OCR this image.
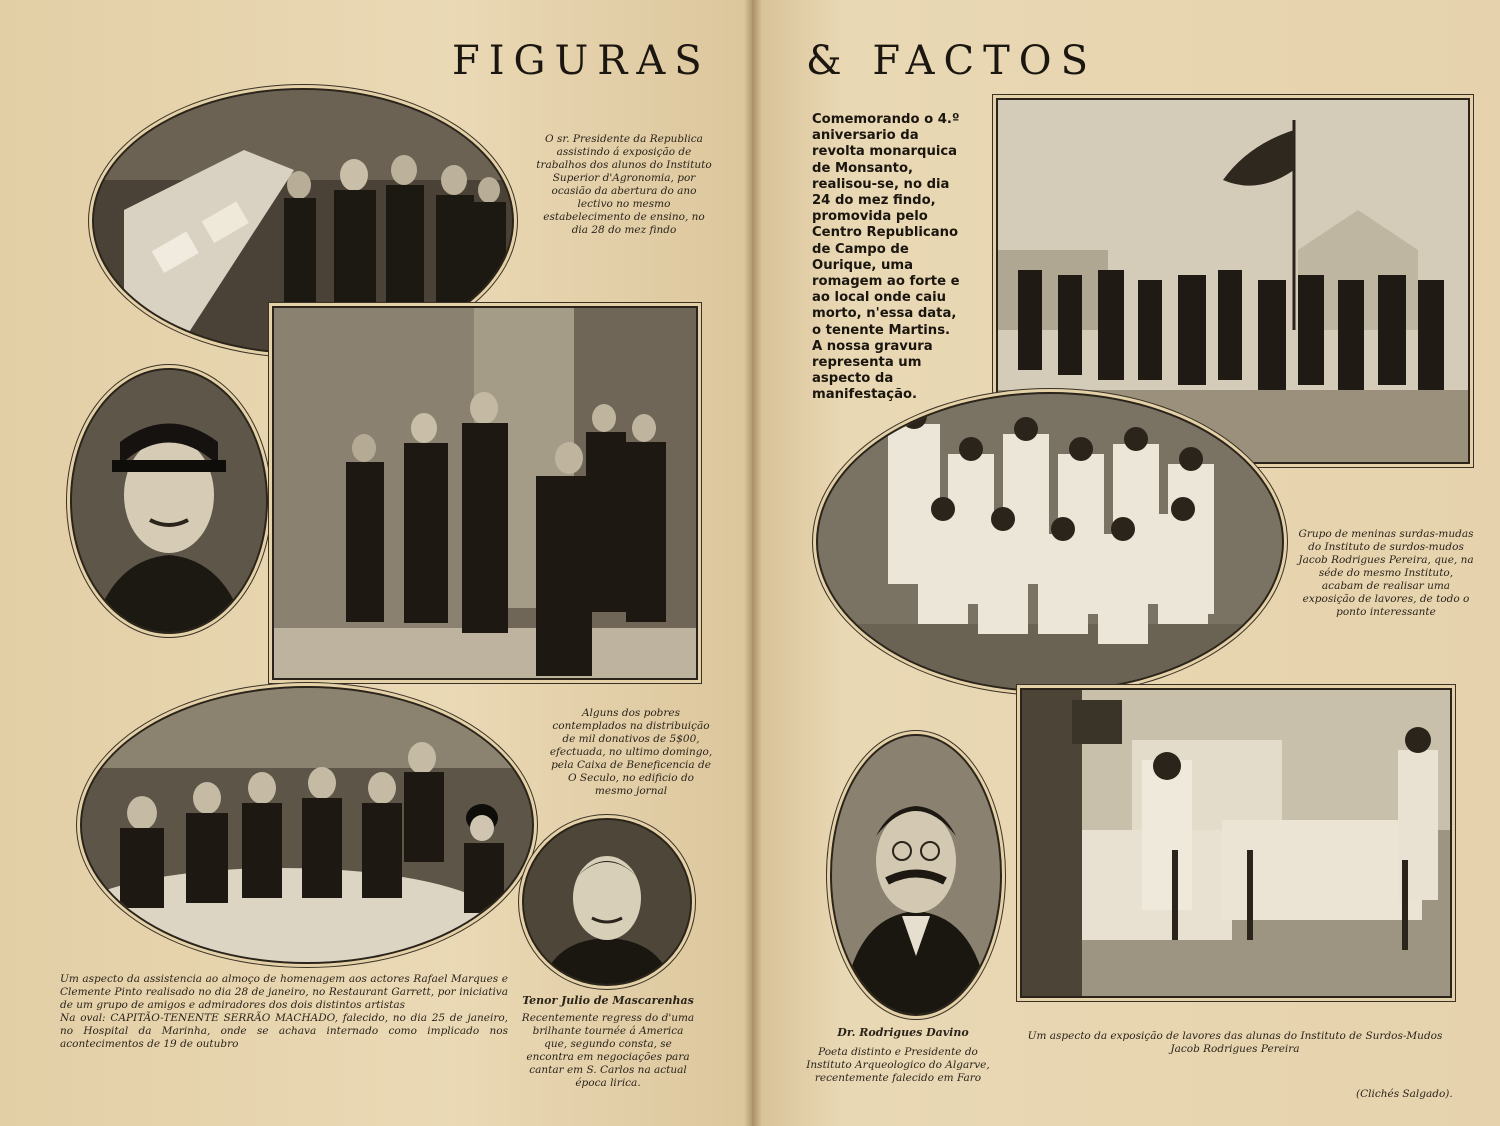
FIGURAS & FACTOS
O sr. Presidente da Republica assistindo á exposição de trabalhos dos alunos do Instituto Superior d'Agronomia, por ocasião da abertura do ano lectivo no mesmo estabelecimento de ensino, no dia 28 do mez findo
Alguns dos pobres contemplados na distribuição de mil donativos de 5$00, efectuada, no ultimo domingo, pela Caixa de Beneficencia de O Seculo, no edificio do mesmo jornal
Um aspecto da assistencia ao almoço de homenagem aos actores Rafael Marques e Clemente Pinto realisado no dia 28 de janeiro, no Restaurant Garrett, por iniciativa de um grupo de amigos e admiradores dos dois distintos artistas
Na oval: CAPITÃO-TENENTE SERRÃO MACHADO, falecido, no dia 25 de janeiro, no Hospital da Marinha, onde se achava internado como implicado nos acontecimentos de 19 de outubro
Tenor Julio de Mascarenhas
Recentemente regress do d'uma brilhante tournée á America que, segundo consta, se encontra em negociações para cantar em S. Carlos na actual época lirica.
Comemorando o 4.º aniversario da revolta monarquica de Monsanto, realisou-se, no dia 24 do mez findo, promovida pelo Centro Republicano de Campo de Ourique, uma romagem ao forte e ao local onde caiu morto, n'essa data, o tenente Martins. A nossa gravura representa um aspecto da manifestação.
Grupo de meninas surdas-mudas do Instituto de surdos-mudos Jacob Rodrigues Pereira, que, na séde do mesmo Instituto, acabam de realisar uma exposição de lavores, de todo o ponto interessante
Dr. Rodrigues Davino
Poeta distinto e Presidente do Instituto Arqueologico do Algarve, recentemente falecido em Faro
Um aspecto da exposição de lavores das alunas do Instituto de Surdos-Mudos Jacob Rodrigues Pereira
(Clichés Salgado).
